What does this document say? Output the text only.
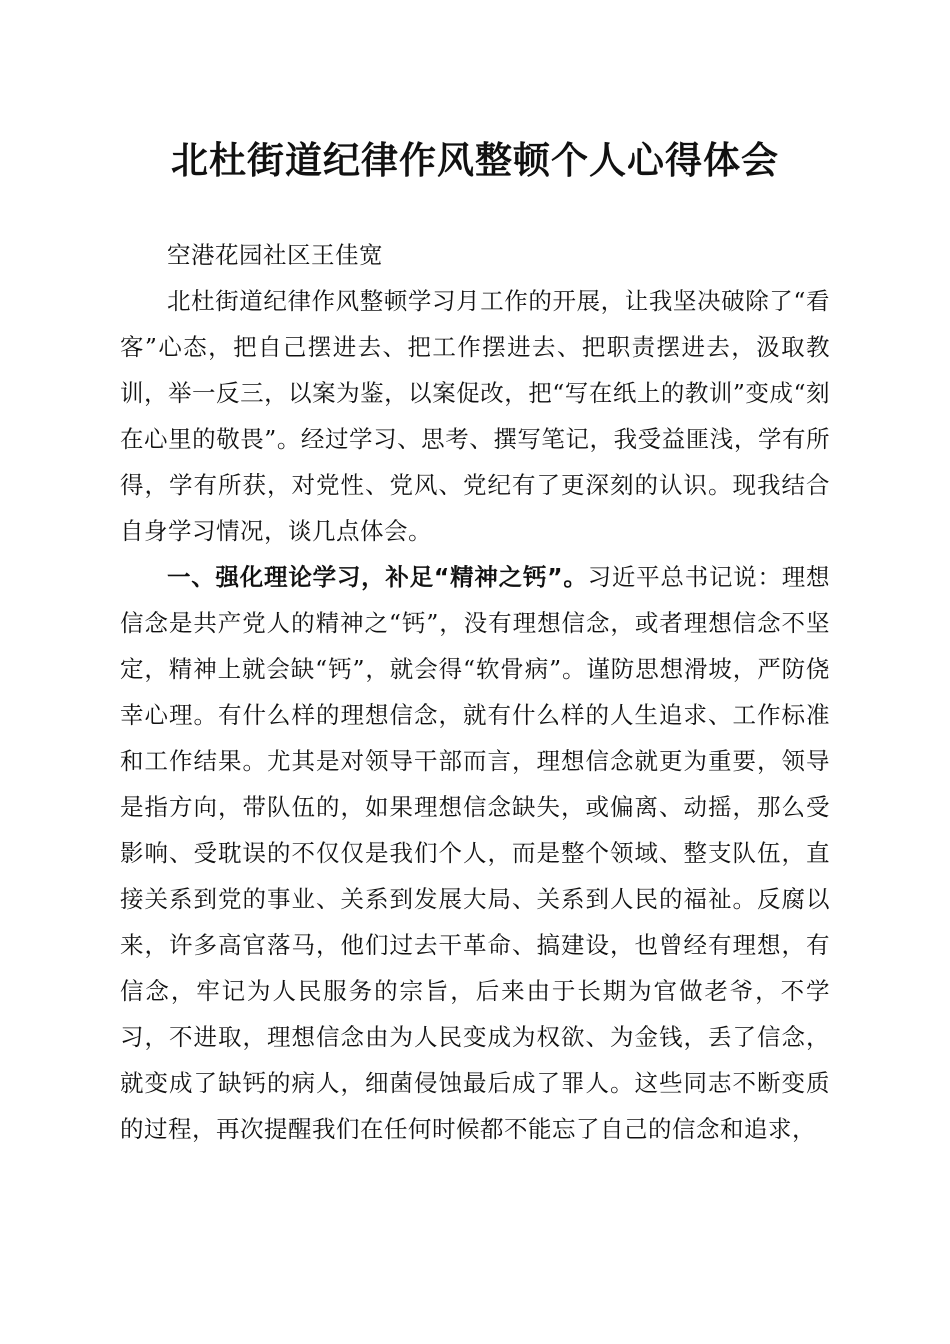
北杜街道纪律作风整顿个人心得体会

空港花园社区王佳宽

北杜街道纪律作风整顿学习月工作的开展，让我坚决破除了“看客”心态，把自己摆进去、把工作摆进去、把职责摆进去，汲取教训，举一反三，以案为鉴，以案促改，把“写在纸上的教训”变成“刻在心里的敬畏”。经过学习、思考、撰写笔记，我受益匪浅，学有所得，学有所获，对党性、党风、党纪有了更深刻的认识。现我结合自身学习情况，谈几点体会。

一、强化理论学习，补足“精神之钙”。习近平总书记说：理想信念是共产党人的精神之“钙”，没有理想信念，或者理想信念不坚定，精神上就会缺“钙”，就会得“软骨病”。谨防思想滑坡，严防侥幸心理。有什么样的理想信念，就有什么样的人生追求、工作标准和工作结果。尤其是对领导干部而言，理想信念就更为重要，领导是指方向，带队伍的，如果理想信念缺失，或偏离、动摇，那么受影响、受耽误的不仅仅是我们个人，而是整个领域、整支队伍，直接关系到党的事业、关系到发展大局、关系到人民的福祉。反腐以来，许多高官落马，他们过去干革命、搞建设，也曾经有理想，有信念，牢记为人民服务的宗旨，后来由于长期为官做老爷，不学习，不进取，理想信念由为人民变成为权欲、为金钱，丢了信念，就变成了缺钙的病人，细菌侵蚀最后成了罪人。这些同志不断变质的过程，再次提醒我们在任何时候都不能忘了自己的信念和追求，
